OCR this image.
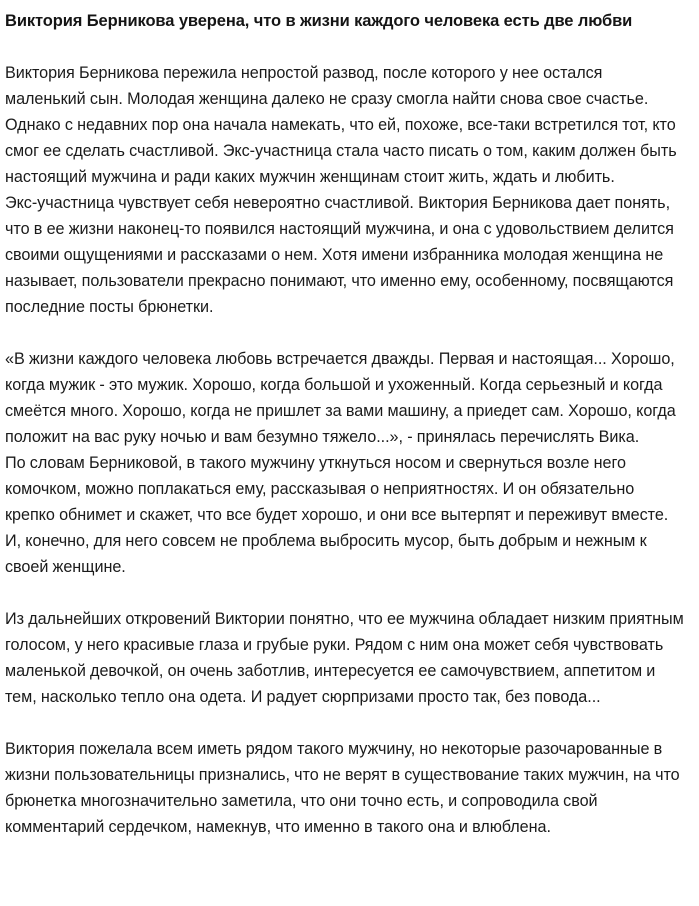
Виктория Берникова уверена, что в жизни каждого человека есть две любви

Виктория Берникова пережила непростой развод, после которого у нее остался маленький сын. Молодая женщина далеко не сразу смогла найти снова свое счастье. Однако с недавних пор она начала намекать, что ей, похоже, все-таки встретился тот, кто смог ее сделать счастливой. Экс-участница стала часто писать о том, каким должен быть настоящий мужчина и ради каких мужчин женщинам стоит жить, ждать и любить.

Экс-участница чувствует себя невероятно счастливой. Виктория Берникова дает понять, что в ее жизни наконец-то появился настоящий мужчина, и она с удовольствием делится своими ощущениями и рассказами о нем. Хотя имени избранника молодая женщина не называет, пользователи прекрасно понимают, что именно ему, особенному, посвящаются последние посты брюнетки.

«В жизни каждого человека любовь встречается дважды. Первая и настоящая... Хорошо, когда мужик - это мужик. Хорошо, когда большой и ухоженный. Когда серьезный и когда смеётся много. Хорошо, когда не пришлет за вами машину, а приедет сам. Хорошо, когда положит на вас руку ночью и вам безумно тяжело...», - принялась перечислять Вика.

По словам Берниковой, в такого мужчину уткнуться носом и свернуться возле него комочком, можно поплакаться ему, рассказывая о неприятностях. И он обязательно крепко обнимет и скажет, что все будет хорошо, и они все вытерпят и переживут вместе. И, конечно, для него совсем не проблема выбросить мусор, быть добрым и нежным к своей женщине.

Из дальнейших откровений Виктории понятно, что ее мужчина обладает низким приятным голосом, у него красивые глаза и грубые руки. Рядом с ним она может себя чувствовать маленькой девочкой, он очень заботлив, интересуется ее самочувствием, аппетитом и тем, насколько тепло она одета. И радует сюрпризами просто так, без повода...

Виктория пожелала всем иметь рядом такого мужчину, но некоторые разочарованные в жизни пользовательницы признались, что не верят в существование таких мужчин, на что брюнетка многозначительно заметила, что они точно есть, и сопроводила свой комментарий сердечком, намекнув, что именно в такого она и влюблена.
